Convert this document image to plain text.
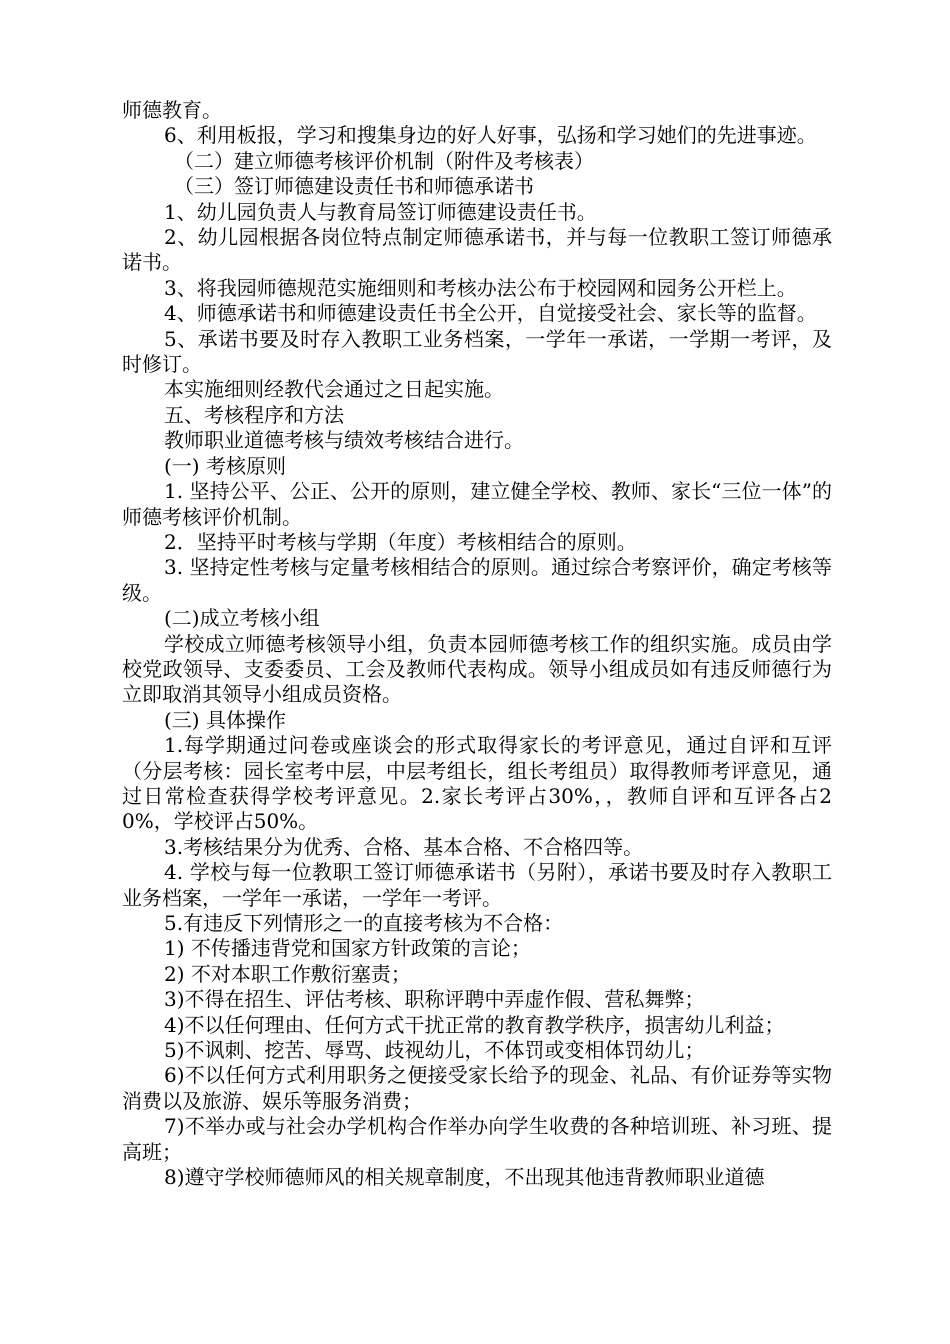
师德教育。

6、利用板报，学习和搜集身边的好人好事，弘扬和学习她们的先进事迹。

（二）建立师德考核评价机制（附件及考核表）

（三）签订师德建设责任书和师德承诺书

1、幼儿园负责人与教育局签订师德建设责任书。

2、幼儿园根据各岗位特点制定师德承诺书，并与每一位教职工签订师德承诺书。

3、将我园师德规范实施细则和考核办法公布于校园网和园务公开栏上。

4、师德承诺书和师德建设责任书全公开，自觉接受社会、家长等的监督。

5、承诺书要及时存入教职工业务档案，一学年一承诺，一学期一考评，及时修订。

本实施细则经教代会通过之日起实施。

五、考核程序和方法

教师职业道德考核与绩效考核结合进行。

(一) 考核原则

1. 坚持公平、公正、公开的原则，建立健全学校、教师、家长“三位一体”的师德考核评价机制。

2．坚持平时考核与学期（年度）考核相结合的原则。

3. 坚持定性考核与定量考核相结合的原则。通过综合考察评价，确定考核等级。

(二)成立考核小组

学校成立师德考核领导小组，负责本园师德考核工作的组织实施。成员由学校党政领导、支委委员、工会及教师代表构成。领导小组成员如有违反师德行为立即取消其领导小组成员资格。

(三) 具体操作

1.每学期通过问卷或座谈会的形式取得家长的考评意见，通过自评和互评（分层考核：园长室考中层，中层考组长，组长考组员）取得教师考评意见，通过日常检查获得学校考评意见。2.家长考评占30%，，教师自评和互评各占20%，学校评占50%。

3.考核结果分为优秀、合格、基本合格、不合格四等。

4. 学校与每一位教职工签订师德承诺书（另附），承诺书要及时存入教职工业务档案，一学年一承诺，一学年一考评。

5.有违反下列情形之一的直接考核为不合格：

1) 不传播违背党和国家方针政策的言论；

2) 不对本职工作敷衍塞责；

3)不得在招生、评估考核、职称评聘中弄虚作假、营私舞弊；

4)不以任何理由、任何方式干扰正常的教育教学秩序，损害幼儿利益；

5)不讽刺、挖苦、辱骂、歧视幼儿，不体罚或变相体罚幼儿；

6)不以任何方式利用职务之便接受家长给予的现金、礼品、有价证券等实物消费以及旅游、娱乐等服务消费；

7)不举办或与社会办学机构合作举办向学生收费的各种培训班、补习班、提高班；

8)遵守学校师德师风的相关规章制度，不出现其他违背教师职业道德
